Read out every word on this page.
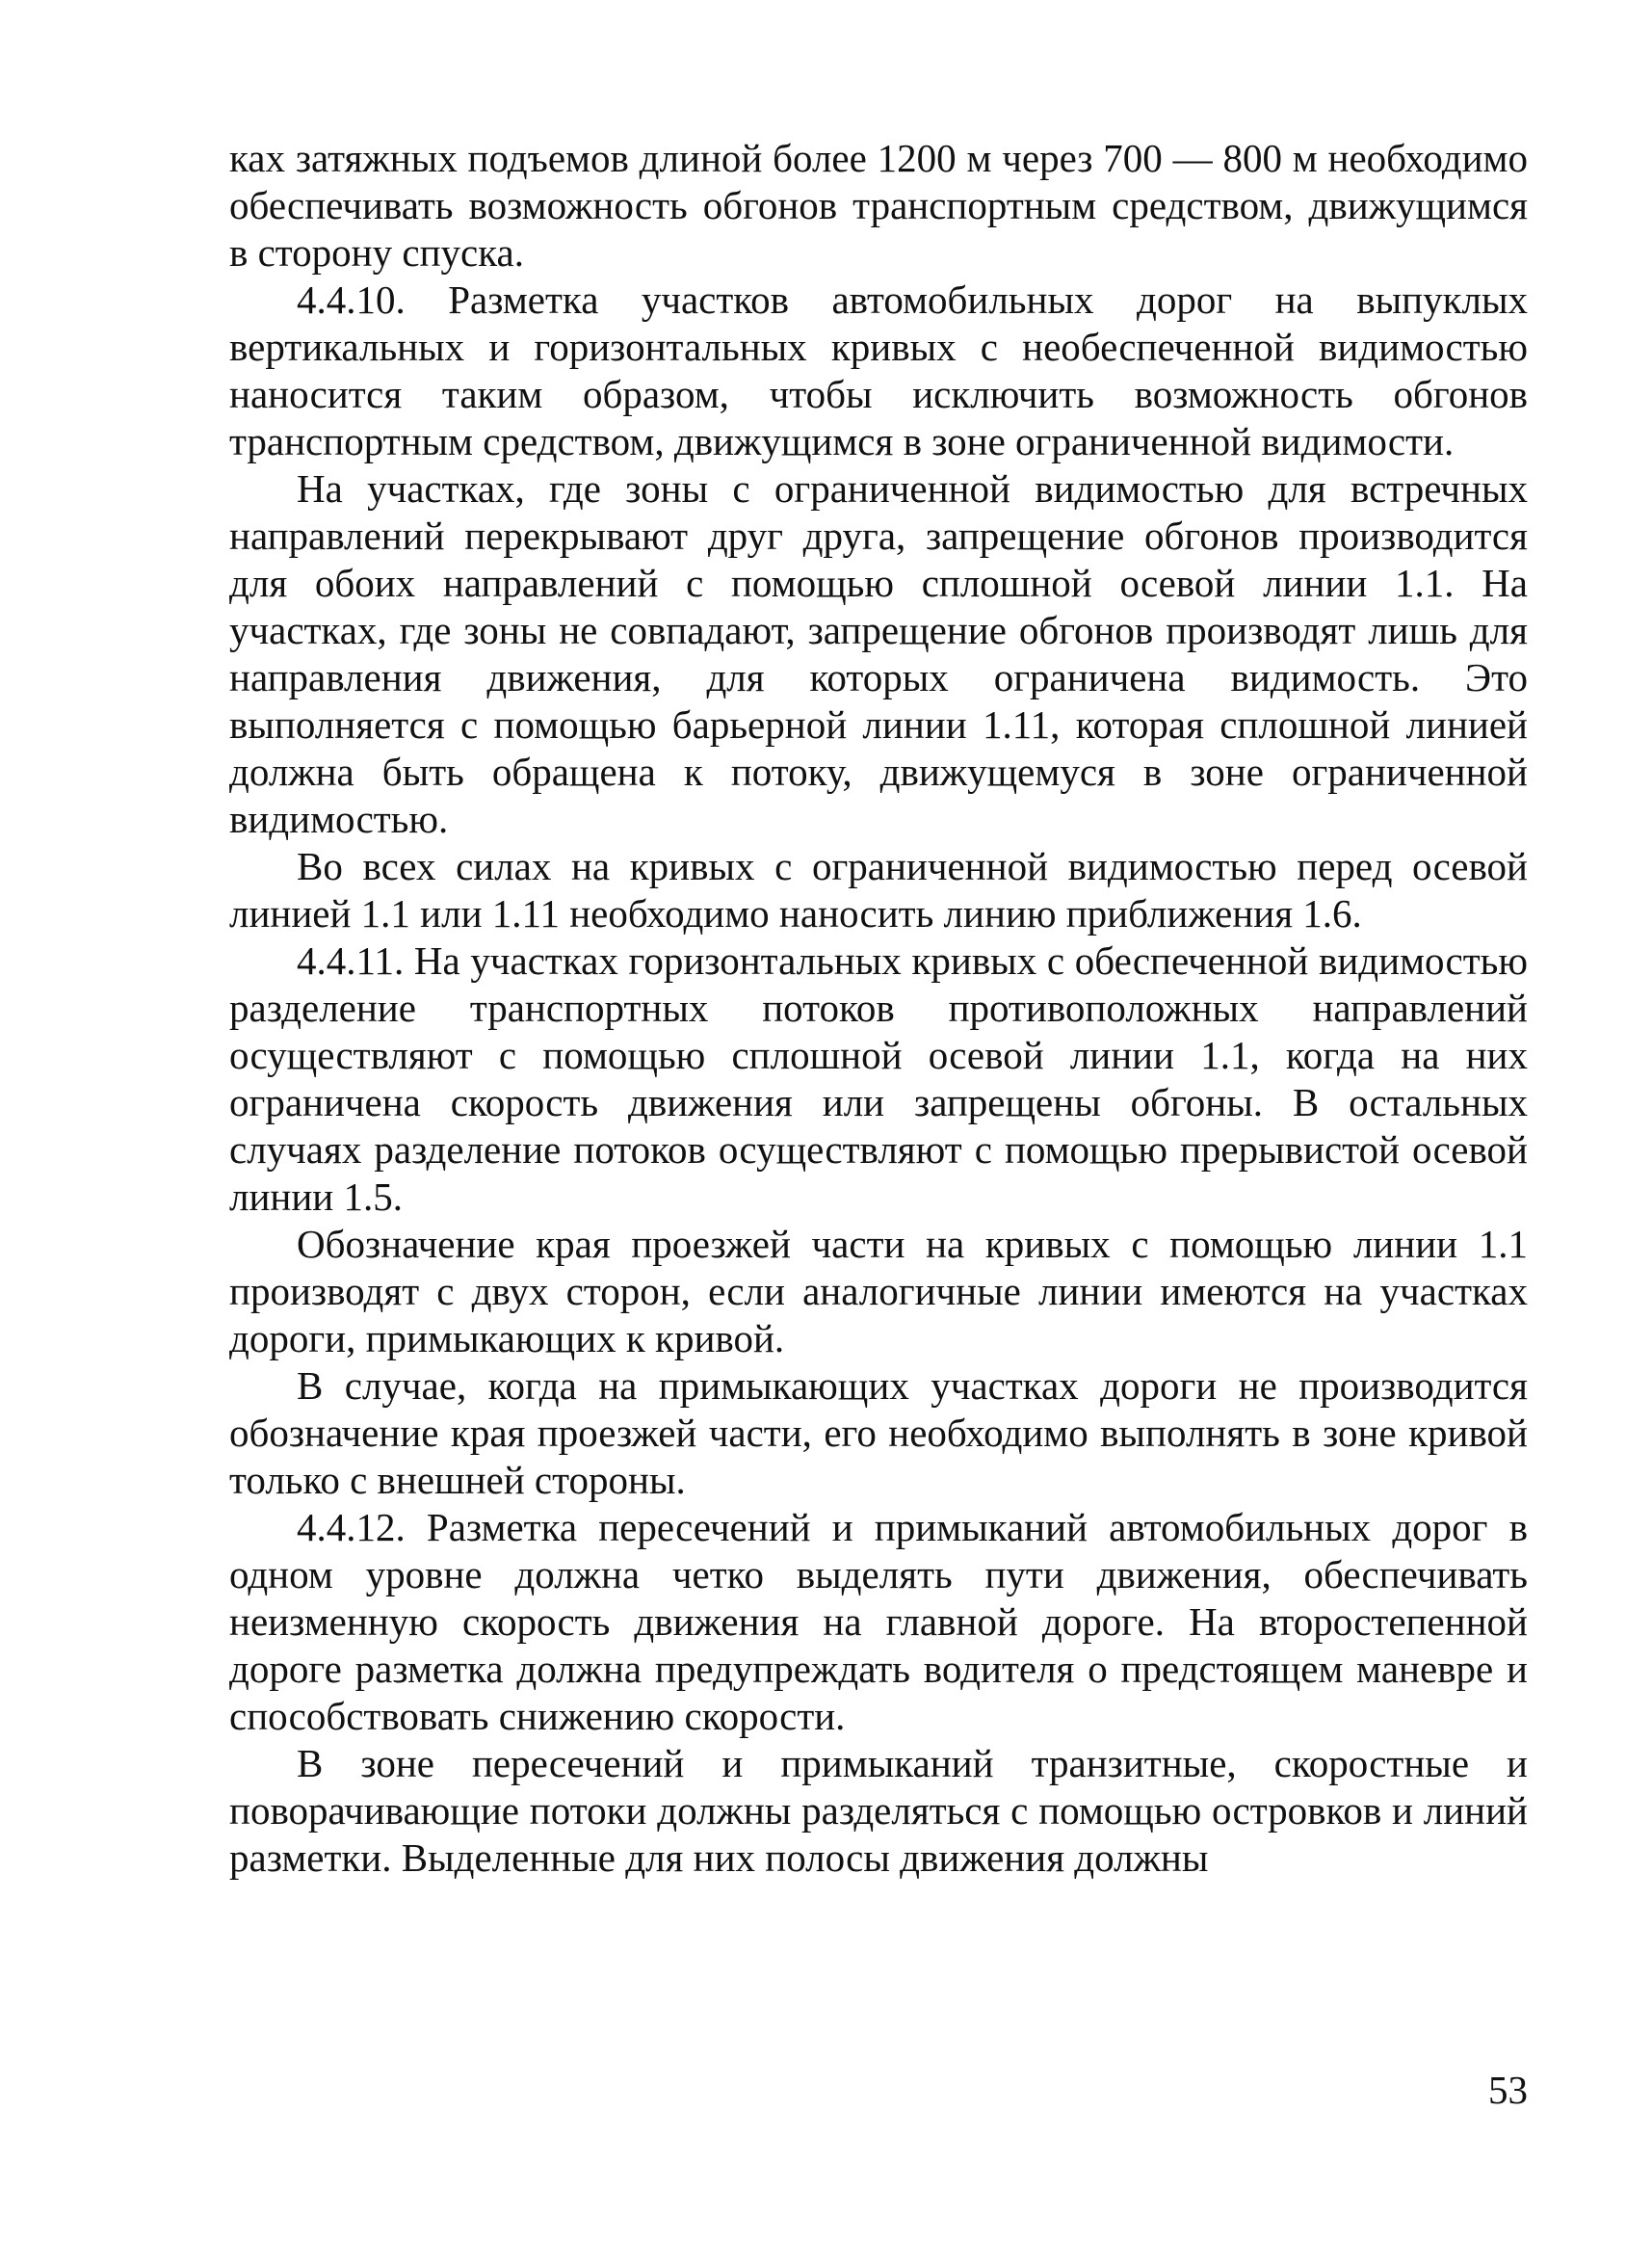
ках затяжных подъемов длиной более 1200 м через 700 — 800 м необходимо обеспечивать возможность обгонов транспортным средством, движущимся в сторону спуска.

4.4.10. Разметка участков автомобильных дорог на выпуклых вертикальных и горизонтальных кривых с необеспеченной видимостью наносится таким образом, чтобы исключить возможность обгонов транспортным средством, движущимся в зоне ограниченной видимости.

На участках, где зоны с ограниченной видимостью для встречных направлений перекрывают друг друга, запрещение обгонов производится для обоих направлений с помощью сплошной осевой линии 1.1. На участках, где зоны не совпадают, запрещение обгонов производят лишь для направления движения, для которых ограничена видимость. Это выполняется с помощью барьерной линии 1.11, которая сплошной линией должна быть обращена к потоку, движущемуся в зоне ограниченной видимостью.

Во всех силах на кривых с ограниченной видимостью перед осевой линией 1.1 или 1.11 необходимо наносить линию приближения 1.6.

4.4.11. На участках горизонтальных кривых с обеспеченной видимостью разделение транспортных потоков противоположных направлений осуществляют с помощью сплошной осевой линии 1.1, когда на них ограничена скорость движения или запрещены обгоны. В остальных случаях разделение потоков осуществляют с помощью прерывистой осевой линии 1.5.

Обозначение края проезжей части на кривых с помощью линии 1.1 производят с двух сторон, если аналогичные линии имеются на участках дороги, примыкающих к кривой.

В случае, когда на примыкающих участках дороги не производится обозначение края проезжей части, его необходимо выполнять в зоне кривой только с внешней стороны.

4.4.12. Разметка пересечений и примыканий автомобильных дорог в одном уровне должна четко выделять пути движения, обеспечивать неизменную скорость движения на главной дороге. На второстепенной дороге разметка должна предупреждать водителя о предстоящем маневре и способствовать снижению скорости.

В зоне пересечений и примыканий транзитные, скоростные и поворачивающие потоки должны разделяться с помощью островков и линий разметки. Выделенные для них полосы движения должны

53
